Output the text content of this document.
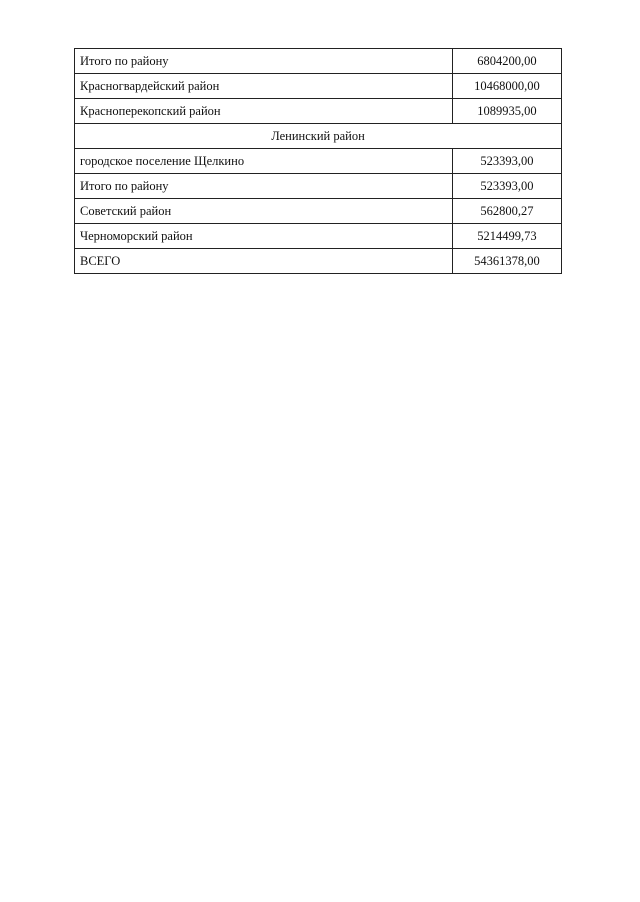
Итого по району	6804200,00
Красногвардейский район	10468000,00
Красноперекопский район	1089935,00
Ленинский район	
городское поселение Щелкино	523393,00
Итого по району	523393,00
Советский район	562800,27
Черноморский район	5214499,73
ВСЕГО	54361378,00
